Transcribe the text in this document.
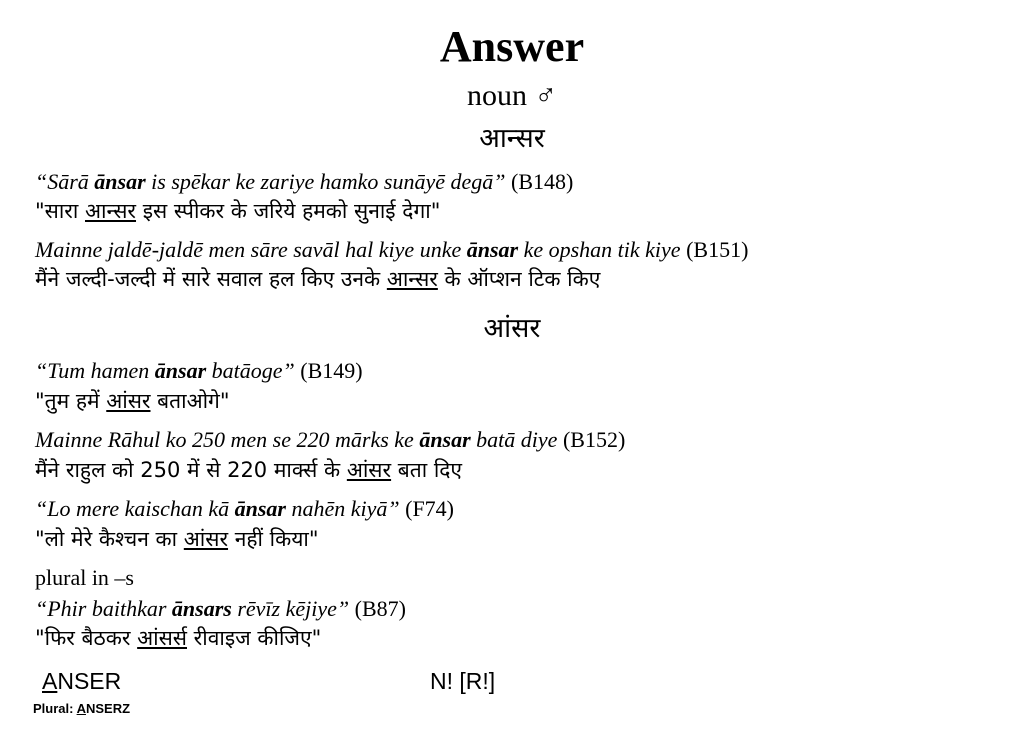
Answer
noun ♂
आन्सर
“Sārā ānsar is spēkar ke zariye hamko sunāyē degā” (B148)
"सारा आन्सर इस स्पीकर के जरिये हमको सुनाई देगा"
Mainne jaldē-jaldē men sāre savāl hal kiye unke ānsar ke opshan tik kiye (B151)
मैंने जल्दी-जल्दी में सारे सवाल हल किए उनके आन्सर के ऑप्शन टिक किए
आंसर
“Tum hamen ānsar batāoge” (B149)
"तुम हमें आंसर बताओगे"
Mainne Rāhul ko 250 men se 220 mārks ke ānsar batā diye (B152)
मैंने राहुल को 250 में से 220 मार्क्स के आंसर बता दिए
“Lo mere kaischan kā ānsar nahēn kiyā” (F74)
"लो मेरे कैश्चन का आंसर नहीं किया"
plural in –s
“Phir baithkar ānsars rēvīz kējiye” (B87)
"फिर बैठकर आंसर्स रीवाइज कीजिए"
ANSER	N! [R!]
Plural: ANSERZ
